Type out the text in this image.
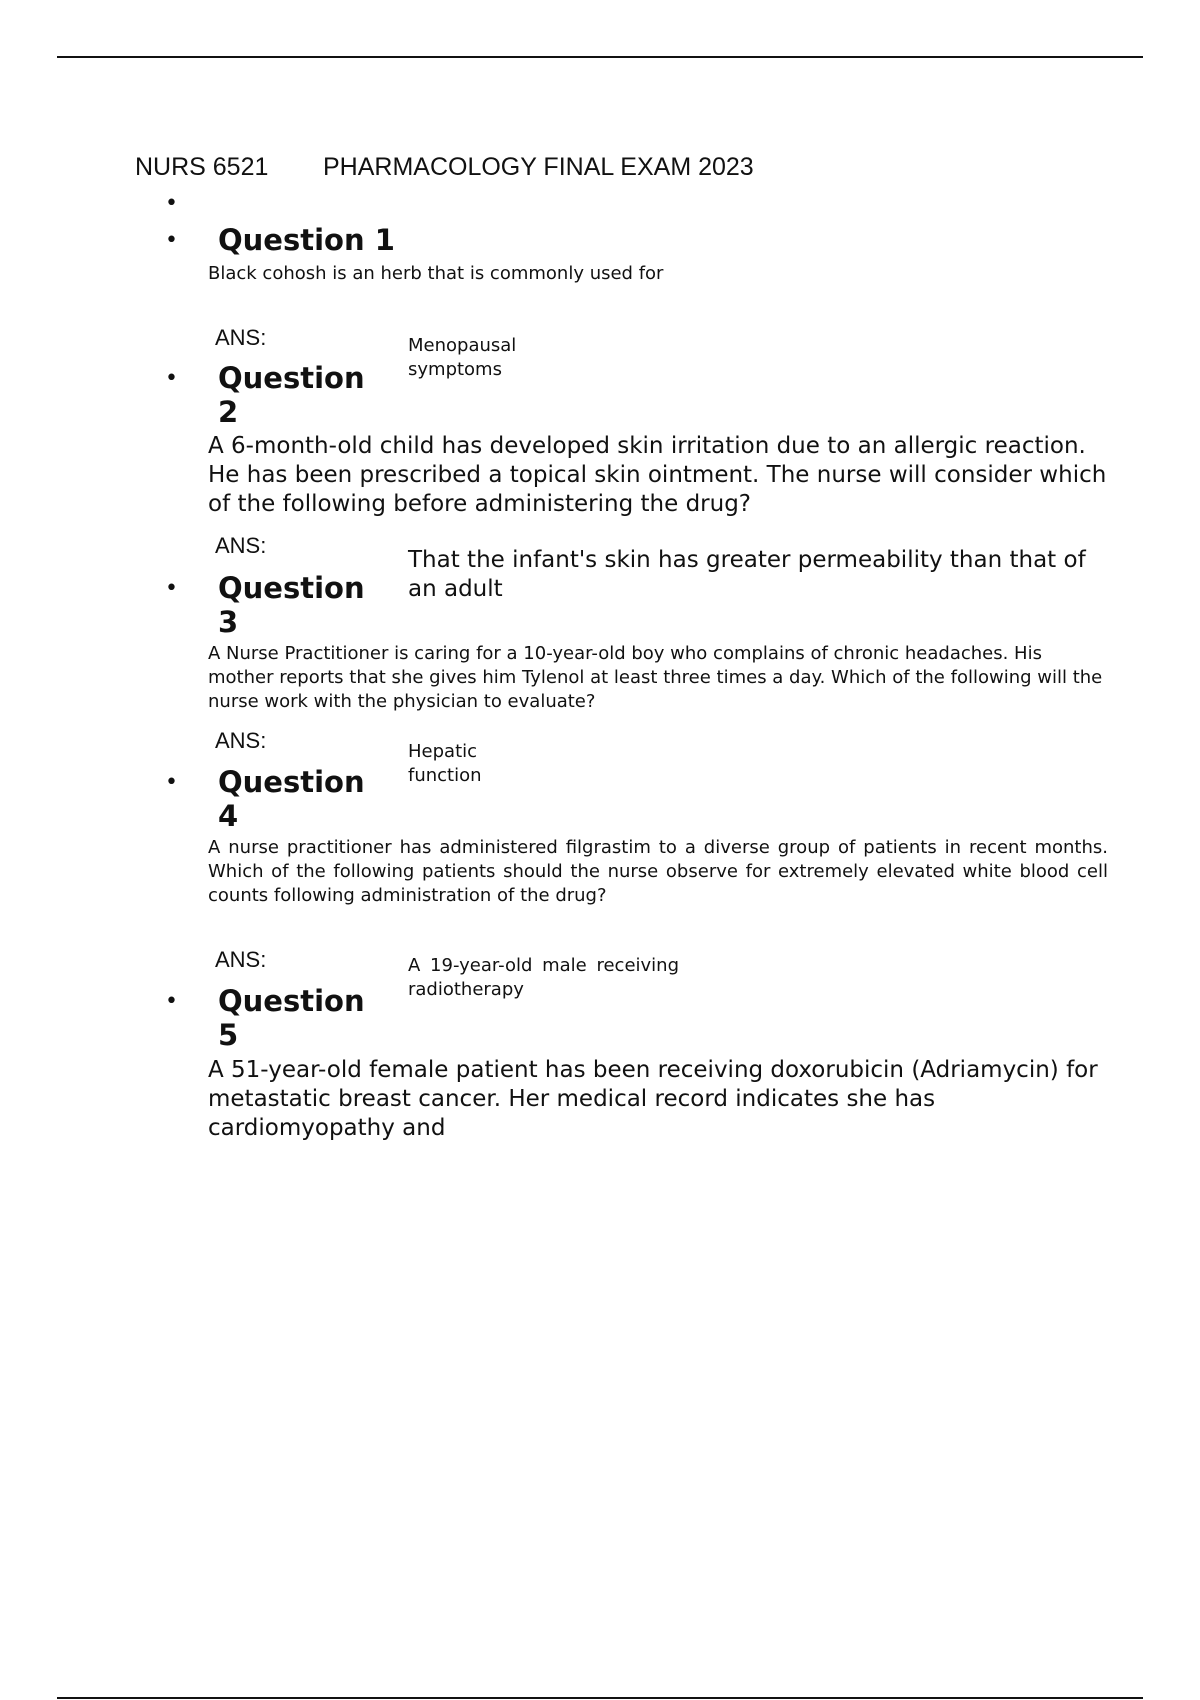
NURS 6521 PHARMACOLOGY FINAL EXAM 2023
•
• Question 1
Black cohosh is an herb that is commonly used for
ANS:	Menopausal symptoms
• Question 2
A 6-month-old child has developed skin irritation due to an allergic reaction. He has been prescribed a topical skin ointment. The nurse will consider which of the following before administering the drug?
ANS:
That the infant's skin has greater permeability than that of an adult
• Question 3
A Nurse Practitioner is caring for a 10-year-old boy who complains of chronic headaches. His mother reports that she gives him Tylenol at least three times a day. Which of the following will the nurse work with the physician to evaluate?
ANS:	Hepatic function
• Question 4
A nurse practitioner has administered filgrastim to a diverse group of patients in recent months. Which of the following patients should the nurse observe for extremely elevated white blood cell counts following administration of the drug?
ANS:	A 19-year-old male receiving radiotherapy
• Question 5
A 51-year-old female patient has been receiving doxorubicin (Adriamycin) for metastatic breast cancer. Her medical record indicates she has cardiomyopathy and
